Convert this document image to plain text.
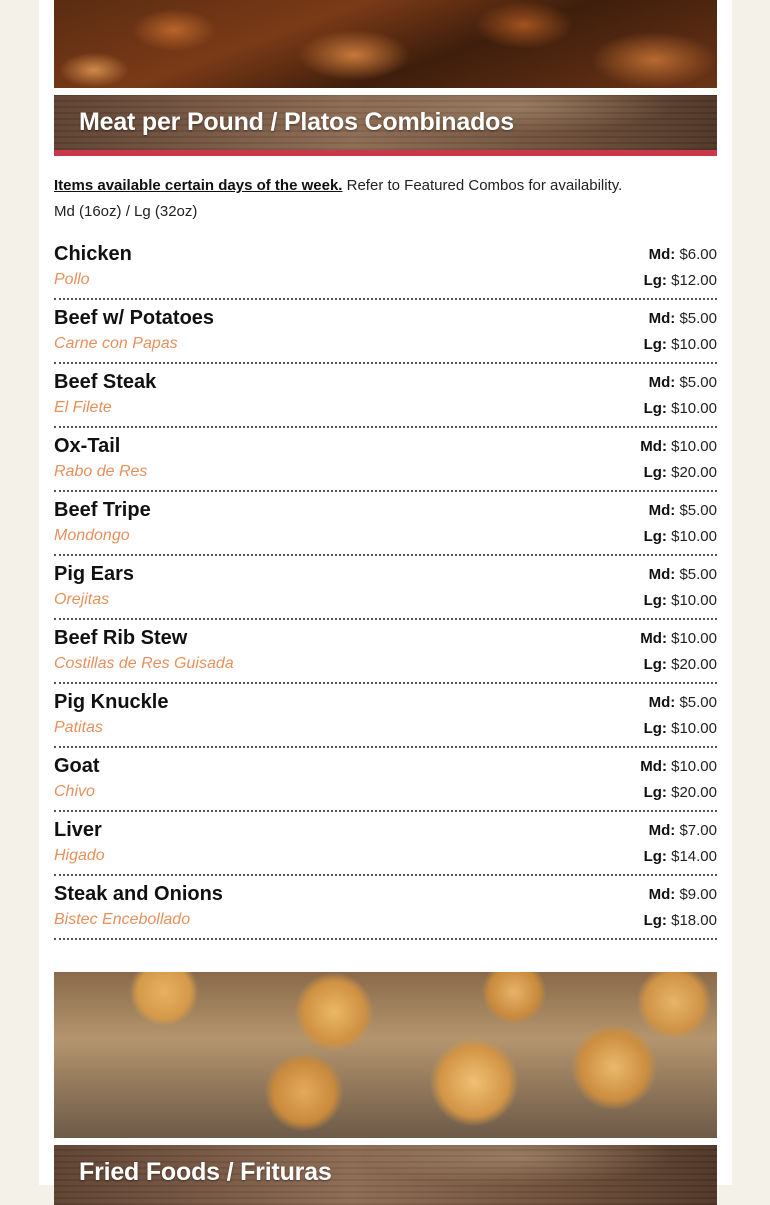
Meat per Pound / Platos Combinados
Items available certain days of the week. Refer to Featured Combos for availability.
Md (16oz) / Lg (32oz)
Chicken
Pollo
Md: $6.00
Lg: $12.00
Beef w/ Potatoes
Carne con Papas
Md: $5.00
Lg: $10.00
Beef Steak
El Filete
Md: $5.00
Lg: $10.00
Ox-Tail
Rabo de Res
Md: $10.00
Lg: $20.00
Beef Tripe
Mondongo
Md: $5.00
Lg: $10.00
Pig Ears
Orejitas
Md: $5.00
Lg: $10.00
Beef Rib Stew
Costillas de Res Guisada
Md: $10.00
Lg: $20.00
Pig Knuckle
Patitas
Md: $5.00
Lg: $10.00
Goat
Chivo
Md: $10.00
Lg: $20.00
Liver
Higado
Md: $7.00
Lg: $14.00
Steak and Onions
Bistec Encebollado
Md: $9.00
Lg: $18.00
Fried Foods / Frituras
